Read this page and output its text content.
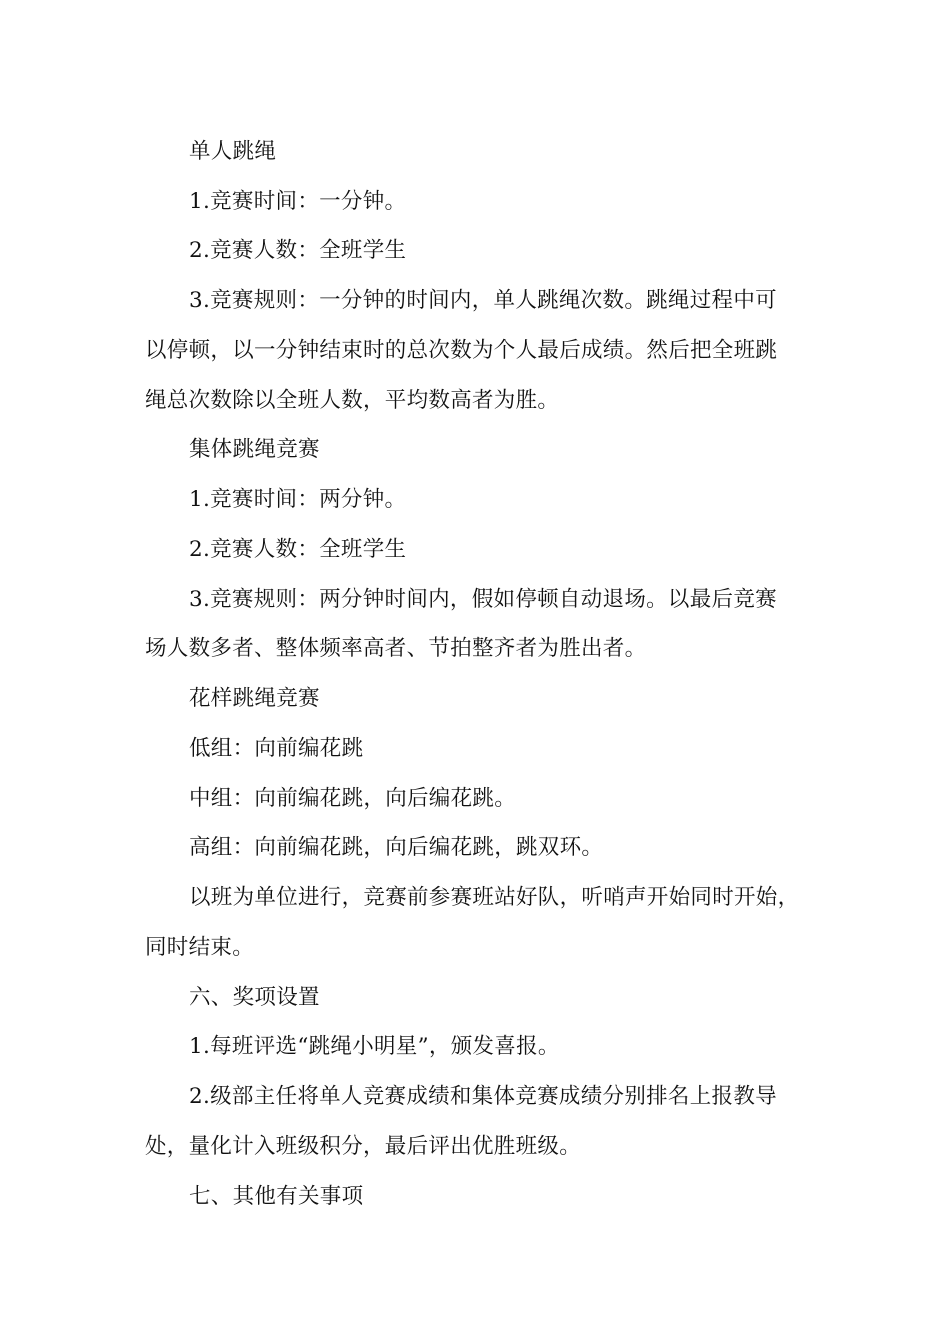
单人跳绳

1.竞赛时间：一分钟。

2.竞赛人数：全班学生

3.竞赛规则：一分钟的时间内，单人跳绳次数。跳绳过程中可

以停顿，以一分钟结束时的总次数为个人最后成绩。然后把全班跳

绳总次数除以全班人数，平均数高者为胜。

集体跳绳竞赛

1.竞赛时间：两分钟。

2.竞赛人数：全班学生

3.竞赛规则：两分钟时间内，假如停顿自动退场。以最后竞赛

场人数多者、整体频率高者、节拍整齐者为胜出者。

花样跳绳竞赛

低组：向前编花跳

中组：向前编花跳，向后编花跳。

高组：向前编花跳，向后编花跳，跳双环。

以班为单位进行，竞赛前参赛班站好队，听哨声开始同时开始，

同时结束。

六、奖项设置

1.每班评选“跳绳小明星”，颁发喜报。

2.级部主任将单人竞赛成绩和集体竞赛成绩分别排名上报教导

处，量化计入班级积分，最后评出优胜班级。

七、其他有关事项
